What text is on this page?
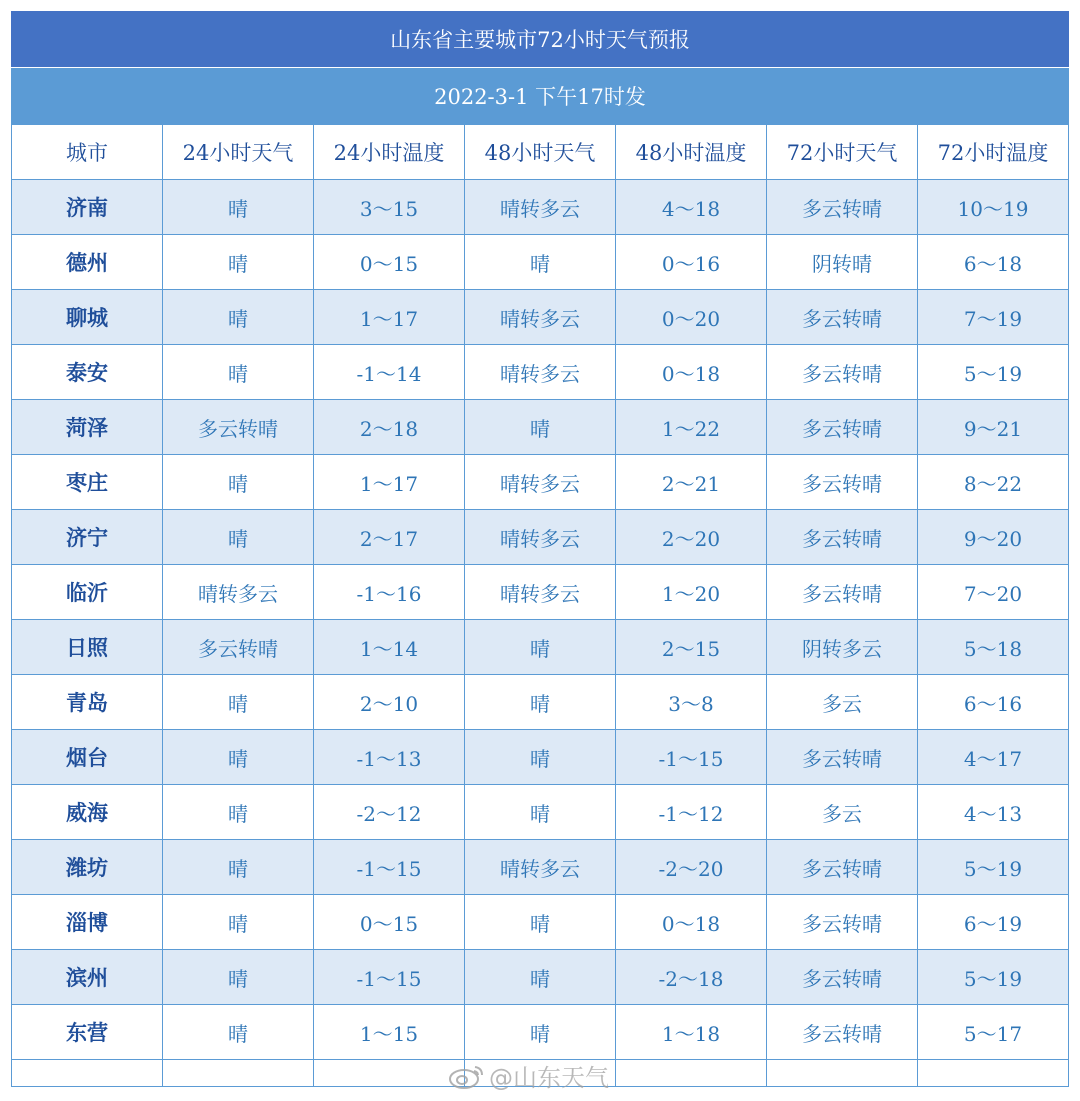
山东省主要城市72小时天气预报
2022-3-1 下午17时发
城市	24小时天气	24小时温度	48小时天气	48小时温度	72小时天气	72小时温度
济南	晴	3～15	晴转多云	4～18	多云转晴	10～19
德州	晴	0～15	晴	0～16	阴转晴	6～18
聊城	晴	1～17	晴转多云	0～20	多云转晴	7～19
泰安	晴	-1～14	晴转多云	0～18	多云转晴	5～19
菏泽	多云转晴	2～18	晴	1～22	多云转晴	9～21
枣庄	晴	1～17	晴转多云	2～21	多云转晴	8～22
济宁	晴	2～17	晴转多云	2～20	多云转晴	9～20
临沂	晴转多云	-1～16	晴转多云	1～20	多云转晴	7～20
日照	多云转晴	1～14	晴	2～15	阴转多云	5～18
青岛	晴	2～10	晴	3～8	多云	6～16
烟台	晴	-1～13	晴	-1～15	多云转晴	4～17
威海	晴	-2～12	晴	-1～12	多云	4～13
潍坊	晴	-1～15	晴转多云	-2～20	多云转晴	5～19
淄博	晴	0～15	晴	0～18	多云转晴	6～19
滨州	晴	-1～15	晴	-2～18	多云转晴	5～19
东营	晴	1～15	晴	1～18	多云转晴	5～17

@山东天气
